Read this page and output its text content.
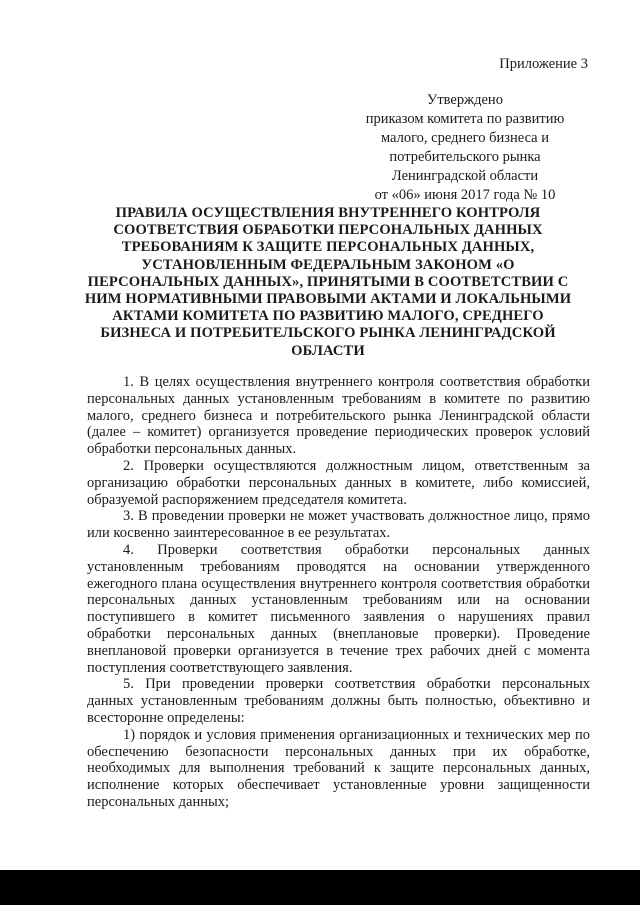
Приложение 3

Утверждено
приказом комитета по развитию
малого, среднего бизнеса и
потребительского рынка
Ленинградской области
от «06» июня 2017 года № 10
ПРАВИЛА ОСУЩЕСТВЛЕНИЯ ВНУТРЕННЕГО КОНТРОЛЯ СООТВЕТСТВИЯ ОБРАБОТКИ ПЕРСОНАЛЬНЫХ ДАННЫХ ТРЕБОВАНИЯМ К ЗАЩИТЕ ПЕРСОНАЛЬНЫХ ДАННЫХ, УСТАНОВЛЕННЫМ ФЕДЕРАЛЬНЫМ ЗАКОНОМ «О ПЕРСОНАЛЬНЫХ ДАННЫХ», ПРИНЯТЫМИ В СООТВЕТСТВИИ С НИМ НОРМАТИВНЫМИ ПРАВОВЫМИ АКТАМИ И ЛОКАЛЬНЫМИ АКТАМИ КОМИТЕТА ПО РАЗВИТИЮ МАЛОГО, СРЕДНЕГО БИЗНЕСА И ПОТРЕБИТЕЛЬСКОГО РЫНКА ЛЕНИНГРАДСКОЙ ОБЛАСТИ

1. В целях осуществления внутреннего контроля соответствия обработки персональных данных установленным требованиям в комитете по развитию малого, среднего бизнеса и потребительского рынка Ленинградской области (далее – комитет) организуется проведение периодических проверок условий обработки персональных данных.

2. Проверки осуществляются должностным лицом, ответственным за организацию обработки персональных данных в комитете, либо комиссией, образуемой распоряжением председателя комитета.

3. В проведении проверки не может участвовать должностное лицо, прямо или косвенно заинтересованное в ее результатах.

4. Проверки соответствия обработки персональных данных установленным требованиям проводятся на основании утвержденного ежегодного плана осуществления внутреннего контроля соответствия обработки персональных данных установленным требованиям или на основании поступившего в комитет письменного заявления о нарушениях правил обработки персональных данных (внеплановые проверки). Проведение внеплановой проверки организуется в течение трех рабочих дней с момента поступления соответствующего заявления.

5. При проведении проверки соответствия обработки персональных данных установленным требованиям должны быть полностью, объективно и всесторонне определены:

1) порядок и условия применения организационных и технических мер по обеспечению безопасности персональных данных при их обработке, необходимых для выполнения требований к защите персональных данных, исполнение которых обеспечивает установленные уровни защищенности персональных данных;
